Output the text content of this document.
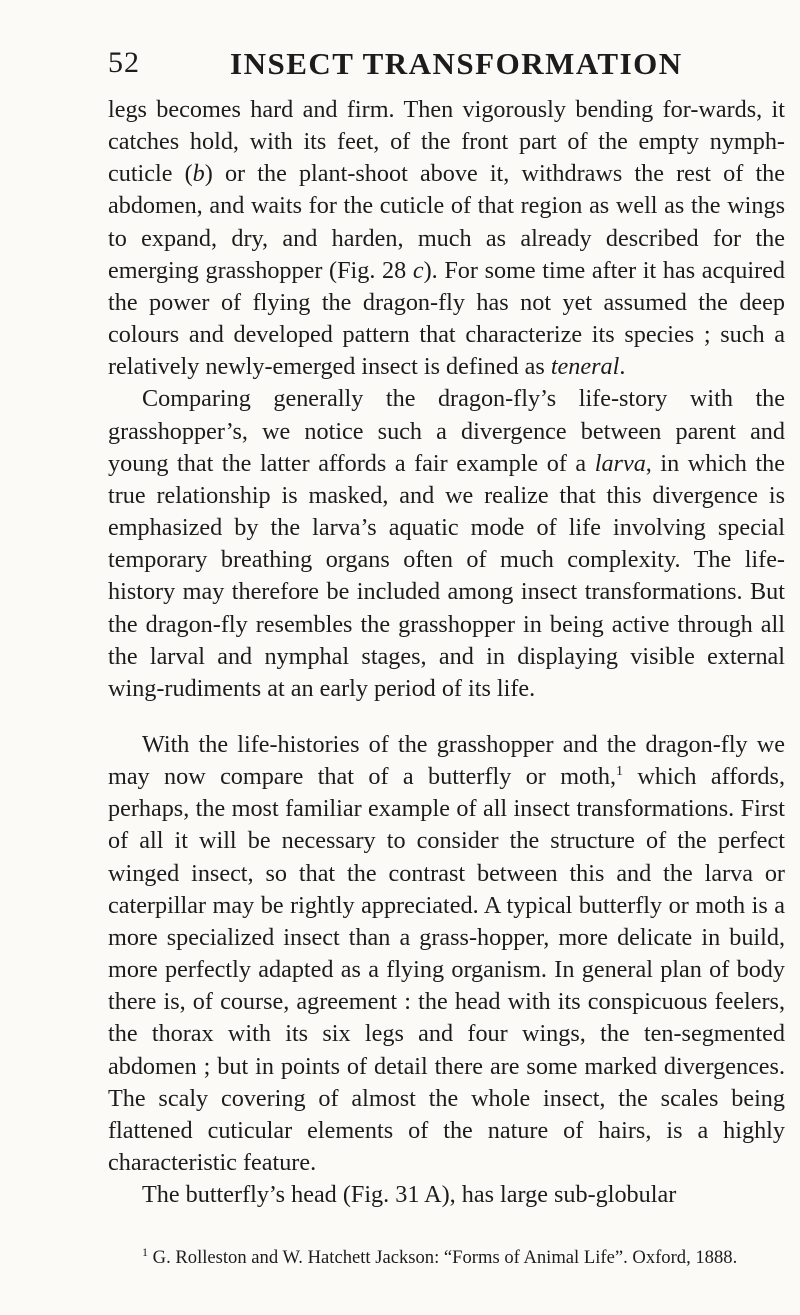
52	INSECT TRANSFORMATION

legs becomes hard and firm. Then vigorously bending for-wards, it catches hold, with its feet, of the front part of the empty nymph-cuticle (b) or the plant-shoot above it, withdraws the rest of the abdomen, and waits for the cuticle of that region as well as the wings to expand, dry, and harden, much as already described for the emerging grasshopper (Fig. 28 c). For some time after it has acquired the power of flying the dragon-fly has not yet assumed the deep colours and developed pattern that characterize its species ; such a relatively newly-emerged insect is defined as teneral.

Comparing generally the dragon-fly’s life-story with the grasshopper’s, we notice such a divergence between parent and young that the latter affords a fair example of a larva, in which the true relationship is masked, and we realize that this divergence is emphasized by the larva’s aquatic mode of life involving special temporary breathing organs often of much complexity. The life-history may therefore be included among insect transformations. But the dragon-fly resembles the grasshopper in being active through all the larval and nymphal stages, and in displaying visible external wing-rudiments at an early period of its life.

With the life-histories of the grasshopper and the dragon-fly we may now compare that of a butterfly or moth,$^1$ which affords, perhaps, the most familiar example of all insect transformations. First of all it will be necessary to consider the structure of the perfect winged insect, so that the contrast between this and the larva or caterpillar may be rightly appreciated. A typical butterfly or moth is a more specialized insect than a grass-hopper, more delicate in build, more perfectly adapted as a flying organism. In general plan of body there is, of course, agreement : the head with its conspicuous feelers, the thorax with its six legs and four wings, the ten-segmented abdomen ; but in points of detail there are some marked divergences. The scaly covering of almost the whole insect, the scales being flattened cuticular elements of the nature of hairs, is a highly characteristic feature.

The butterfly’s head (Fig. 31 A), has large sub-globular

$^1$ G. Rolleston and W. Hatchett Jackson: “Forms of Animal Life”. Oxford, 1888.
